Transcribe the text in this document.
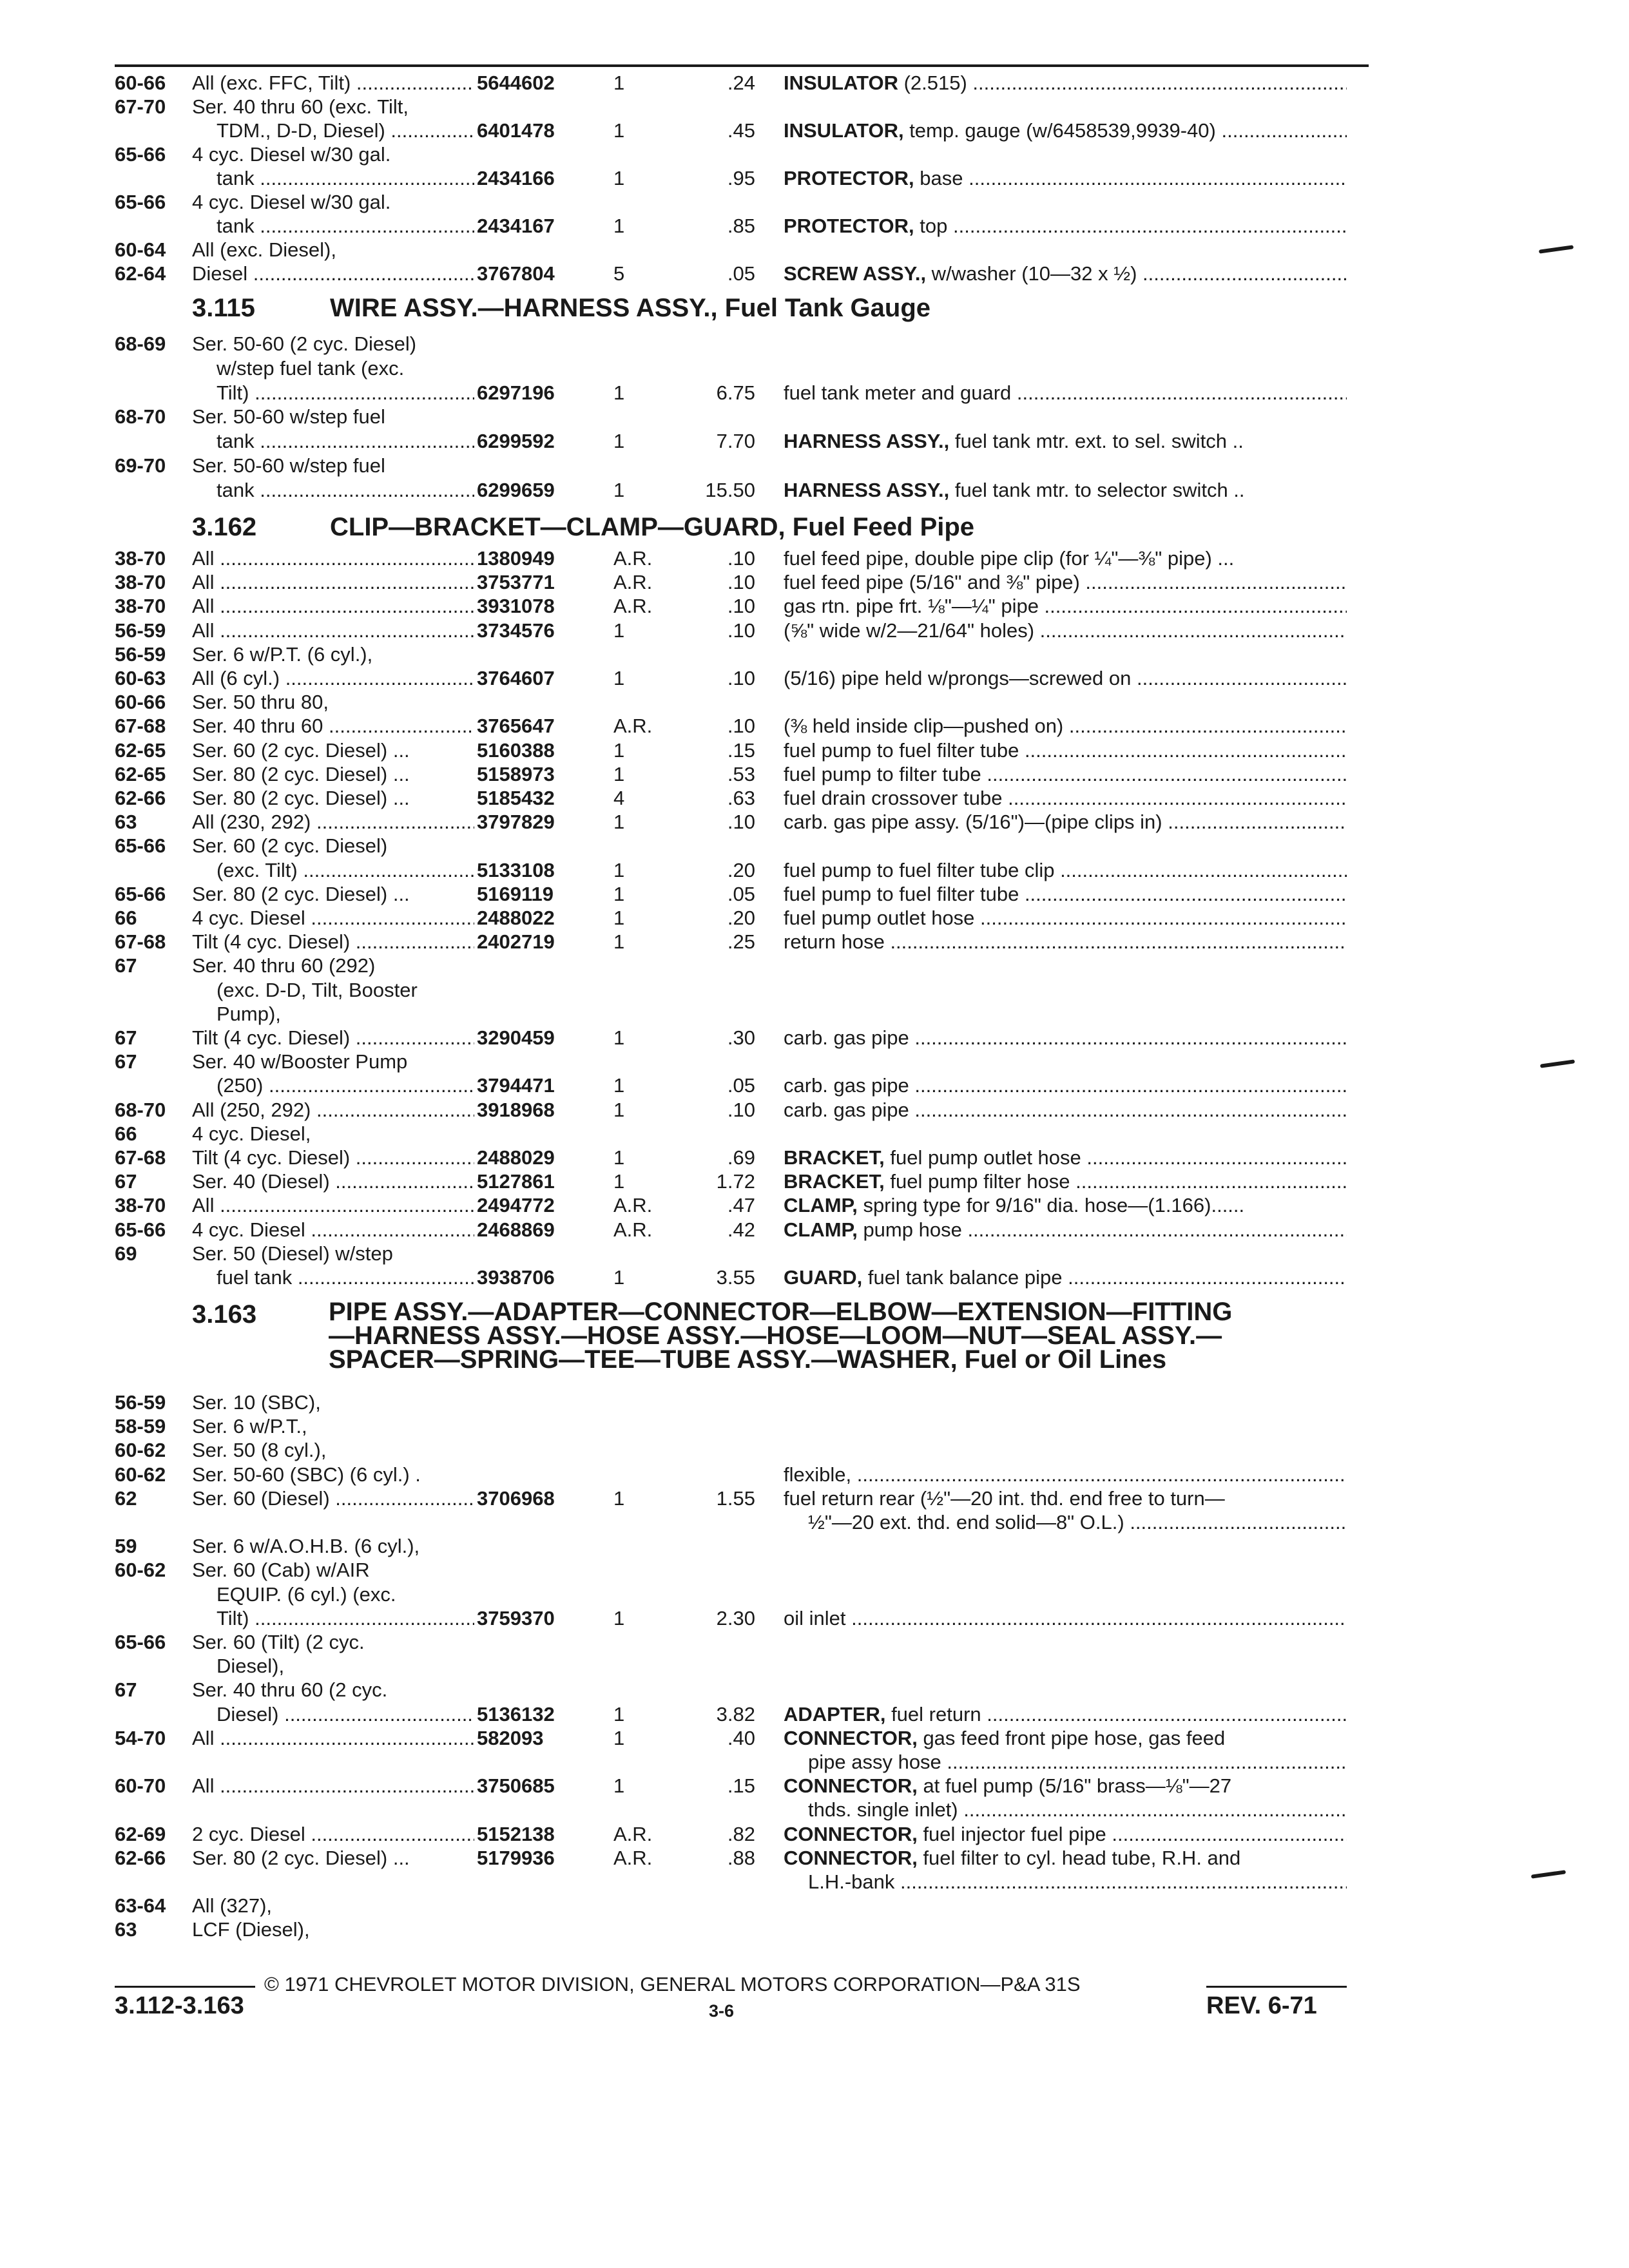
60-66 All (exc. FFC, Tilt) .....	5644602	1	.24 INSULATOR (2.515) .....
67-70 Ser. 40 thru 60 (exc. Tilt,
TDM., D-D, Diesel) .....	6401478	1	.45 INSULATOR, temp. gauge (w/6458539,9939-40) .....
65-66 4 cyc. Diesel w/30 gal.
tank .....	2434166	1	.95 PROTECTOR, base .....
65-66 4 cyc. Diesel w/30 gal.
tank .....	2434167	1	.85 PROTECTOR, top .....
60-64 All (exc. Diesel),
62-64 Diesel .....	3767804	5	.05 SCREW ASSY., w/washer (10—32 x ½) .....
3.115	WIRE ASSY.—HARNESS ASSY., Fuel Tank Gauge
68-69 Ser. 50-60 (2 cyc. Diesel)
w/step fuel tank (exc.
Tilt) .....	6297196	1	6.75 fuel tank meter and guard .....
68-70 Ser. 50-60 w/step fuel
tank .....	6299592	1	7.70 HARNESS ASSY., fuel tank mtr. ext. to sel. switch ..
69-70 Ser. 50-60 w/step fuel
tank .....	6299659	1	15.50 HARNESS ASSY., fuel tank mtr. to selector switch ..
3.162	CLIP—BRACKET—CLAMP—GUARD, Fuel Feed Pipe
38-70 All .....	1380949	A.R.	.10 fuel feed pipe, double pipe clip (for ¼"—⅜" pipe) ...
38-70 All .....	3753771	A.R.	.10 fuel feed pipe (5/16" and ⅜" pipe) .....
38-70 All .....	3931078	A.R.	.10 gas rtn. pipe frt. ⅛"—¼" pipe .....
56-59 All .....	3734576	1	.10 (⅝" wide w/2—21/64" holes) .....
56-59 Ser. 6 w/P.T. (6 cyl.),
60-63 All (6 cyl.) .....	3764607	1	.10 (5/16) pipe held w/prongs—screwed on .....
60-66 Ser. 50 thru 80,
67-68 Ser. 40 thru 60 .....	3765647	A.R.	.10 (⅜ held inside clip—pushed on) .....
62-65 Ser. 60 (2 cyc. Diesel) ...	5160388	1	.15 fuel pump to fuel filter tube .....
62-65 Ser. 80 (2 cyc. Diesel) ...	5158973	1	.53 fuel pump to filter tube .....
62-66 Ser. 80 (2 cyc. Diesel) ...	5185432	4	.63 fuel drain crossover tube .....
63	All (230, 292) .....	3797829	1	.10 carb. gas pipe assy. (5/16")—(pipe clips in) .....
65-66 Ser. 60 (2 cyc. Diesel)
(exc. Tilt) .....	5133108	1	.20 fuel pump to fuel filter tube clip .....
65-66 Ser. 80 (2 cyc. Diesel) ...	5169119	1	.05 fuel pump to fuel filter tube .....
66	4 cyc. Diesel .....	2488022	1	.20 fuel pump outlet hose .....
67-68 Tilt (4 cyc. Diesel) .....	2402719	1	.25 return hose .....
67	Ser. 40 thru 60 (292)
(exc. D-D, Tilt, Booster
Pump),
67	Tilt (4 cyc. Diesel) .....	3290459	1	.30 carb. gas pipe .....
67	Ser. 40 w/Booster Pump
(250) .....	3794471	1	.05 carb. gas pipe .....
68-70 All (250, 292) .....	3918968	1	.10 carb. gas pipe .....
66	4 cyc. Diesel,
67-68 Tilt (4 cyc. Diesel) .....	2488029	1	.69 BRACKET, fuel pump outlet hose .....
67	Ser. 40 (Diesel) .....	5127861	1	1.72 BRACKET, fuel pump filter hose .....
38-70 All .....	2494772	A.R.	.47 CLAMP, spring type for 9/16" dia. hose—(1.166)......
65-66 4 cyc. Diesel .....	2468869	A.R.	.42 CLAMP, pump hose .....
69	Ser. 50 (Diesel) w/step
fuel tank .....	3938706	1	3.55 GUARD, fuel tank balance pipe .....
3.163	PIPE ASSY.—ADAPTER—CONNECTOR—ELBOW—EXTENSION—FITTING
—HARNESS ASSY.—HOSE ASSY.—HOSE—LOOM—NUT—SEAL ASSY.—
SPACER—SPRING—TEE—TUBE ASSY.—WASHER, Fuel or Oil Lines
56-59 Ser. 10 (SBC),
58-59 Ser. 6 w/P.T.,
60-62 Ser. 50 (8 cyl.),
60-62 Ser. 50-60 (SBC) (6 cyl.) .	flexible, .....
62	Ser. 60 (Diesel) .....	3706968	1	1.55 fuel return rear (½"—20 int. thd. end free to turn—
½"—20 ext. thd. end solid—8" O.L.) .....
59	Ser. 6 w/A.O.H.B. (6 cyl.),
60-62 Ser. 60 (Cab) w/AIR
EQUIP. (6 cyl.) (exc.
Tilt) .....	3759370	1	2.30 oil inlet .....
65-66 Ser. 60 (Tilt) (2 cyc.
Diesel),
67	Ser. 40 thru 60 (2 cyc.
Diesel) .....	5136132	1	3.82 ADAPTER, fuel return .....
54-70 All .....	582093	1	.40 CONNECTOR, gas feed front pipe hose, gas feed
pipe assy hose .....
60-70 All .....	3750685	1	.15 CONNECTOR, at fuel pump (5/16" brass—⅛"—27
thds. single inlet) .....
62-69 2 cyc. Diesel .....	5152138	A.R.	.82 CONNECTOR, fuel injector fuel pipe .....
62-66 Ser. 80 (2 cyc. Diesel) ...	5179936	A.R.	.88 CONNECTOR, fuel filter to cyl. head tube, R.H. and
L.H.-bank .....
63-64 All (327),
63	LCF (Diesel),
© 1971 CHEVROLET MOTOR DIVISION, GENERAL MOTORS CORPORATION—P&A 31S
3.112-3.163	3-6	REV. 6-71
